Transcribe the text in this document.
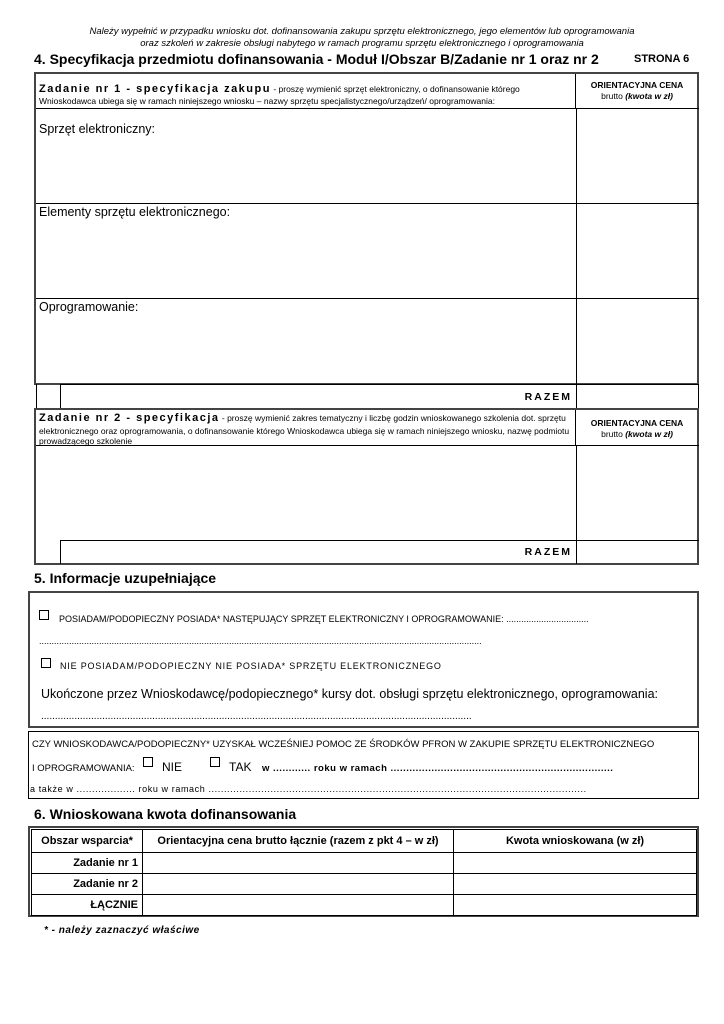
Należy wypełnić w przypadku wniosku dot. dofinansowania zakupu sprzętu elektronicznego, jego elementów lub oprogramowania
oraz szkoleń w zakresie obsługi nabytego w ramach programu sprzętu elektronicznego i oprogramowania
4. Specyfikacja przedmiotu dofinansowania - Moduł I/Obszar B/Zadanie nr 1 oraz nr 2	STRONA 6
Zadanie nr 1 - specyfikacja zakupu - proszę wymienić sprzęt elektroniczny, o dofinansowanie którego
Wnioskodawca ubiega się w ramach niniejszego wniosku – nazwy sprzętu specjalistycznego/urządzeń/ oprogramowania:
ORIENTACYJNA CENA
brutto (kwota w zł)
Sprzęt elektroniczny:
Elementy sprzętu elektronicznego:
Oprogramowanie:
RAZEM
Zadanie nr 2 - specyfikacja - proszę wymienić zakres tematyczny i liczbę godzin wnioskowanego szkolenia dot. sprzętu
elektronicznego oraz oprogramowania, o dofinansowanie którego Wnioskodawca ubiega się w ramach niniejszego wniosku, nazwę podmiotu
prowadzącego szkolenie
ORIENTACYJNA CENA
brutto (kwota w zł)
RAZEM
5. Informacje uzupełniające
POSIADAM/PODOPIECZNY POSIADA* NASTĘPUJĄCY SPRZĘT ELEKTRONICZNY I OPROGRAMOWANIE: .................................
.................................................................................................................................................................................
NIE POSIADAM/PODOPIECZNY NIE POSIADA* SPRZĘTU ELEKTRONICZNEGO
Ukończone przez Wnioskodawcę/podopiecznego* kursy dot. obsługi sprzętu elektronicznego, oprogramowania:
...........................................................................................................................................................
CZY WNIOSKODAWCA/PODOPIECZNY* UZYSKAŁ WCZEŚNIEJ POMOC ZE ŚRODKÓW PFRON W ZAKUPIE SPRZĘTU ELEKTRONICZNEGO
I OPROGRAMOWANIA: NIE	TAK w ............ roku w ramach .......................................................................
a także w ................... roku w ramach ..........................................................................................................................
6. Wnioskowana kwota dofinansowania
Obszar wsparcia*	Orientacyjna cena brutto łącznie (razem z pkt 4 – w zł)	Kwota wnioskowana (w zł)
Zadanie nr 1		
Zadanie nr 2		
ŁĄCZNIE		
* - należy zaznaczyć właściwe
